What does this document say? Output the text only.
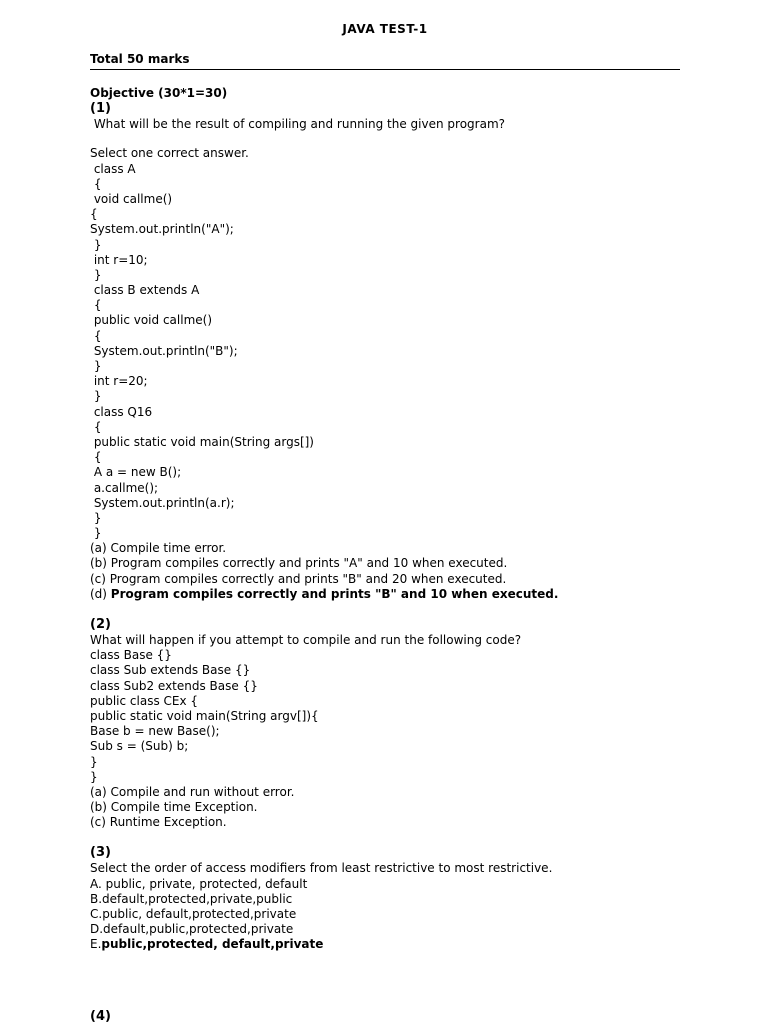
JAVA TEST-1
Total 50 marks
Objective (30*1=30)
(1)
What will be the result of compiling and running the given program?
Select one correct answer.
class A
{
void callme()
{
System.out.println("A");
}
int r=10;
}
class B extends A
{
public void callme()
{
System.out.println("B");
}
int r=20;
}
class Q16
{
public static void main(String args[])
{
A a = new B();
a.callme();
System.out.println(a.r);
}
}
(a) Compile time error.
(b) Program compiles correctly and prints "A" and 10 when executed.
(c) Program compiles correctly and prints "B" and 20 when executed.
(d) Program compiles correctly and prints "B" and 10 when executed.
(2)
What will happen if you attempt to compile and run the following code?
class Base {}
class Sub extends Base {}
class Sub2 extends Base {}
public class CEx {
public static void main(String argv[]){
Base b = new Base();
Sub s = (Sub) b;
}
}
(a) Compile and run without error.
(b) Compile time Exception.
(c) Runtime Exception.
(3)
Select the order of access modifiers from least restrictive to most restrictive.
A. public, private, protected, default
B.default,protected,private,public
C.public, default,protected,private
D.default,public,protected,private
E.public,protected, default,private
(4)
